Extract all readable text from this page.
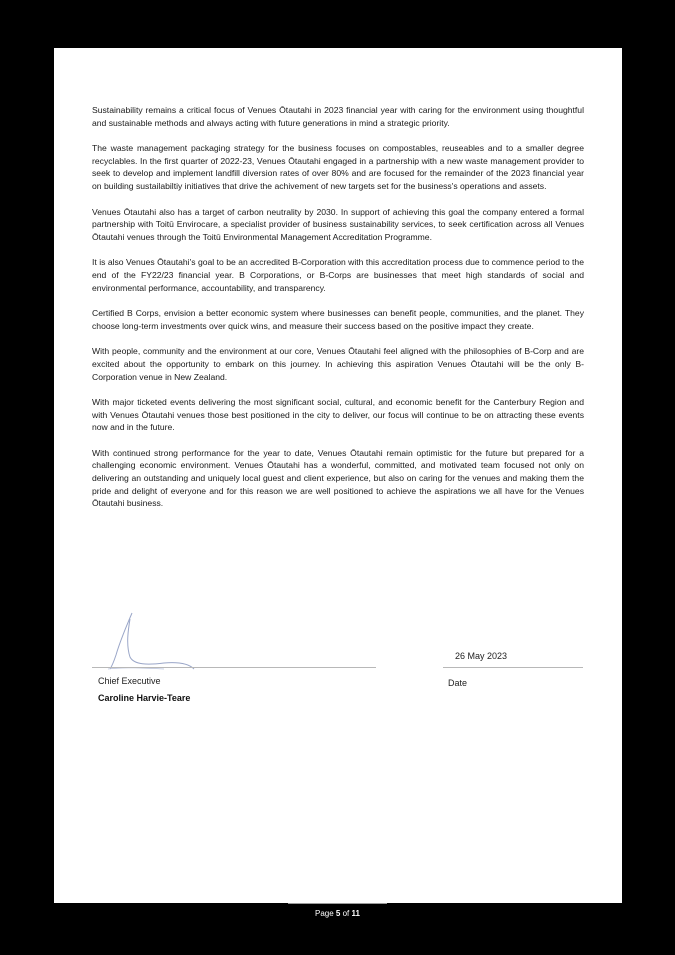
Sustainability remains a critical focus of Venues Ōtautahi in 2023 financial year with caring for the environment using thoughtful and sustainable methods and always acting with future generations in mind a strategic priority.

The waste management packaging strategy for the business focuses on compostables, reuseables and to a smaller degree recyclables. In the first quarter of 2022-23, Venues Ōtautahi engaged in a partnership with a new waste management provider to seek to develop and implement landfill diversion rates of over 80% and are focused for the remainder of the 2023 financial year on building sustailabiltiy initiatives that drive the achivement of new targets set for the business's operations and assets.

Venues Ōtautahi also has a target of carbon neutrality by 2030. In support of achieving this goal the company entered a formal partnership with Toitū Envirocare, a specialist provider of business sustainability services, to seek certification across all Venues Ōtautahi venues through the Toitū Environmental Management Accreditation Programme.

It is also Venues Ōtautahi's goal to be an accredited B-Corporation with this accreditation process due to commence period to the end of the FY22/23 financial year. B Corporations, or B-Corps are businesses that meet high standards of social and environmental performance, accountability, and transparency.

Certified B Corps, envision a better economic system where businesses can benefit people, communities, and the planet. They choose long-term investments over quick wins, and measure their success based on the positive impact they create.

With people, community and the environment at our core, Venues Ōtautahi feel aligned with the philosophies of B-Corp and are excited about the opportunity to embark on this journey. In achieving this aspiration Venues Ōtautahi will be the only B-Corporation venue in New Zealand.

With major ticketed events delivering the most significant social, cultural, and economic benefit for the Canterbury Region and with Venues Ōtautahi venues those best positioned in the city to deliver, our focus will continue to be on attracting these events now and in the future.

With continued strong performance for the year to date, Venues Ōtautahi remain optimistic for the future but prepared for a challenging economic environment. Venues Ōtautahi has a wonderful, committed, and motivated team focused not only on delivering an outstanding and uniquely local guest and client experience, but also on caring for the venues and making them the pride and delight of everyone and for this reason we are well positioned to achieve the aspirations we all have for the Venues Ōtautahi business.

26 May 2023
Chief Executive
Caroline Harvie-Teare
Date
Page 5 of 11
